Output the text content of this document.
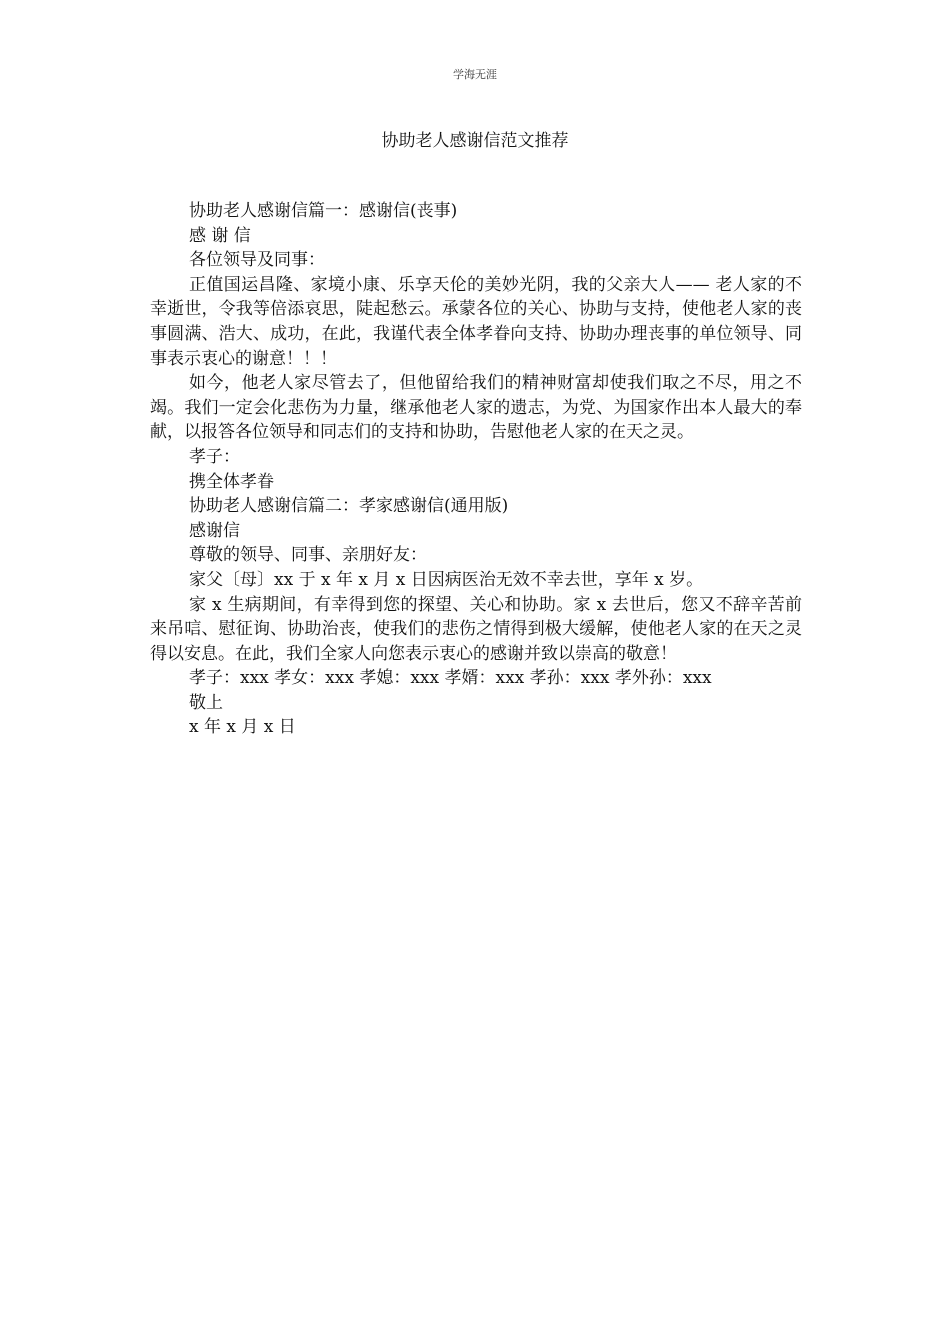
学海无涯
协助老人感谢信范文推荐

协助老人感谢信篇一：感谢信(丧事)

感 谢 信

各位领导及同事：

正值国运昌隆、家境小康、乐享天伦的美妙光阴，我的父亲大人—— 老人家的不幸逝世，令我等倍添哀思，陡起愁云。承蒙各位的关心、协助与支持，使他老人家的丧事圆满、浩大、成功，在此，我谨代表全体孝眷向支持、协助办理丧事的单位领导、同事表示衷心的谢意！！！

如今，他老人家尽管去了，但他留给我们的精神财富却使我们取之不尽，用之不竭。我们一定会化悲伤为力量，继承他老人家的遗志，为党、为国家作出本人最大的奉献，以报答各位领导和同志们的支持和协助，告慰他老人家的在天之灵。

孝子：

携全体孝眷

协助老人感谢信篇二：孝家感谢信(通用版)

感谢信

尊敬的领导、同事、亲朋好友：

家父〔母〕xx 于 x 年 x 月 x 日因病医治无效不幸去世，享年 x 岁。

家 x 生病期间，有幸得到您的探望、关心和协助。家 x 去世后，您又不辞辛苦前来吊唁、慰征询、协助治丧，使我们的悲伤之情得到极大缓解，使他老人家的在天之灵得以安息。在此，我们全家人向您表示衷心的感谢并致以崇高的敬意！

孝子：xxx 孝女：xxx 孝媳：xxx 孝婿：xxx 孝孙：xxx 孝外孙：xxx

敬上

x 年 x 月 x 日
